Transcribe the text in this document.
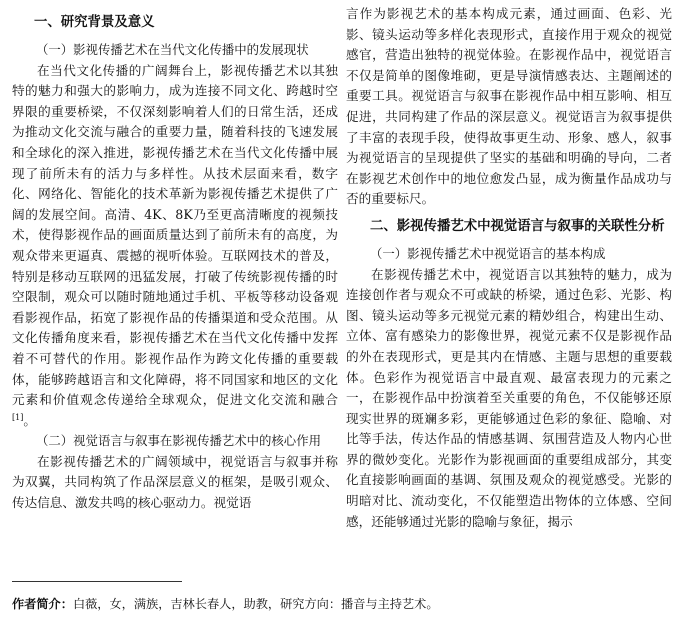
一、研究背景及意义
（一）影视传播艺术在当代文化传播中的发展现状

在当代文化传播的广阔舞台上，影视传播艺术以其独特的魅力和强大的影响力，成为连接不同文化、跨越时空界限的重要桥梁，不仅深刻影响着人们的日常生活，还成为推动文化交流与融合的重要力量，随着科技的飞速发展和全球化的深入推进，影视传播艺术在当代文化传播中展现了前所未有的活力与多样性。从技术层面来看，数字化、网络化、智能化的技术革新为影视传播艺术提供了广阔的发展空间。高清、4K、8K乃至更高清晰度的视频技术，使得影视作品的画面质量达到了前所未有的高度，为观众带来更逼真、震撼的视听体验。互联网技术的普及，特别是移动互联网的迅猛发展，打破了传统影视传播的时空限制，观众可以随时随地通过手机、平板等移动设备观看影视作品，拓宽了影视作品的传播渠道和受众范围。从文化传播角度来看，影视传播艺术在当代文化传播中发挥着不可替代的作用。影视作品作为跨文化传播的重要载体，能够跨越语言和文化障碍，将不同国家和地区的文化元素和价值观念传递给全球观众，促进文化交流和融合[1]。

（二）视觉语言与叙事在影视传播艺术中的核心作用

在影视传播艺术的广阔领域中，视觉语言与叙事并称为双翼，共同构筑了作品深层意义的框架，是吸引观众、传达信息、激发共鸣的核心驱动力。视觉语

言作为影视艺术的基本构成元素，通过画面、色彩、光影、镜头运动等多样化表现形式，直接作用于观众的视觉感官，营造出独特的视觉体验。在影视作品中，视觉语言不仅是简单的图像堆砌，更是导演情感表达、主题阐述的重要工具。视觉语言与叙事在影视作品中相互影响、相互促进，共同构建了作品的深层意义。视觉语言为叙事提供了丰富的表现手段，使得故事更生动、形象、感人，叙事为视觉语言的呈现提供了坚实的基础和明确的导向，二者在影视艺术创作中的地位愈发凸显，成为衡量作品成功与否的重要标尺。

二、影视传播艺术中视觉语言与叙事的关联性分析
（一）影视传播艺术中视觉语言的基本构成

在影视传播艺术中，视觉语言以其独特的魅力，成为连接创作者与观众不可或缺的桥梁，通过色彩、光影、构图、镜头运动等多元视觉元素的精妙组合，构建出生动、立体、富有感染力的影像世界，视觉元素不仅是影视作品的外在表现形式，更是其内在情感、主题与思想的重要载体。色彩作为视觉语言中最直观、最富表现力的元素之一，在影视作品中扮演着至关重要的角色，不仅能够还原现实世界的斑斓多彩，更能够通过色彩的象征、隐喻、对比等手法，传达作品的情感基调、氛围营造及人物内心世界的微妙变化。光影作为影视画面的重要组成部分，其变化直接影响画面的基调、氛围及观众的视觉感受。光影的明暗对比、流动变化，不仅能塑造出物体的立体感、空间感，还能够通过光影的隐喻与象征，揭示

作者简介：白薇，女，满族，吉林长春人，助教，研究方向：播音与主持艺术。
